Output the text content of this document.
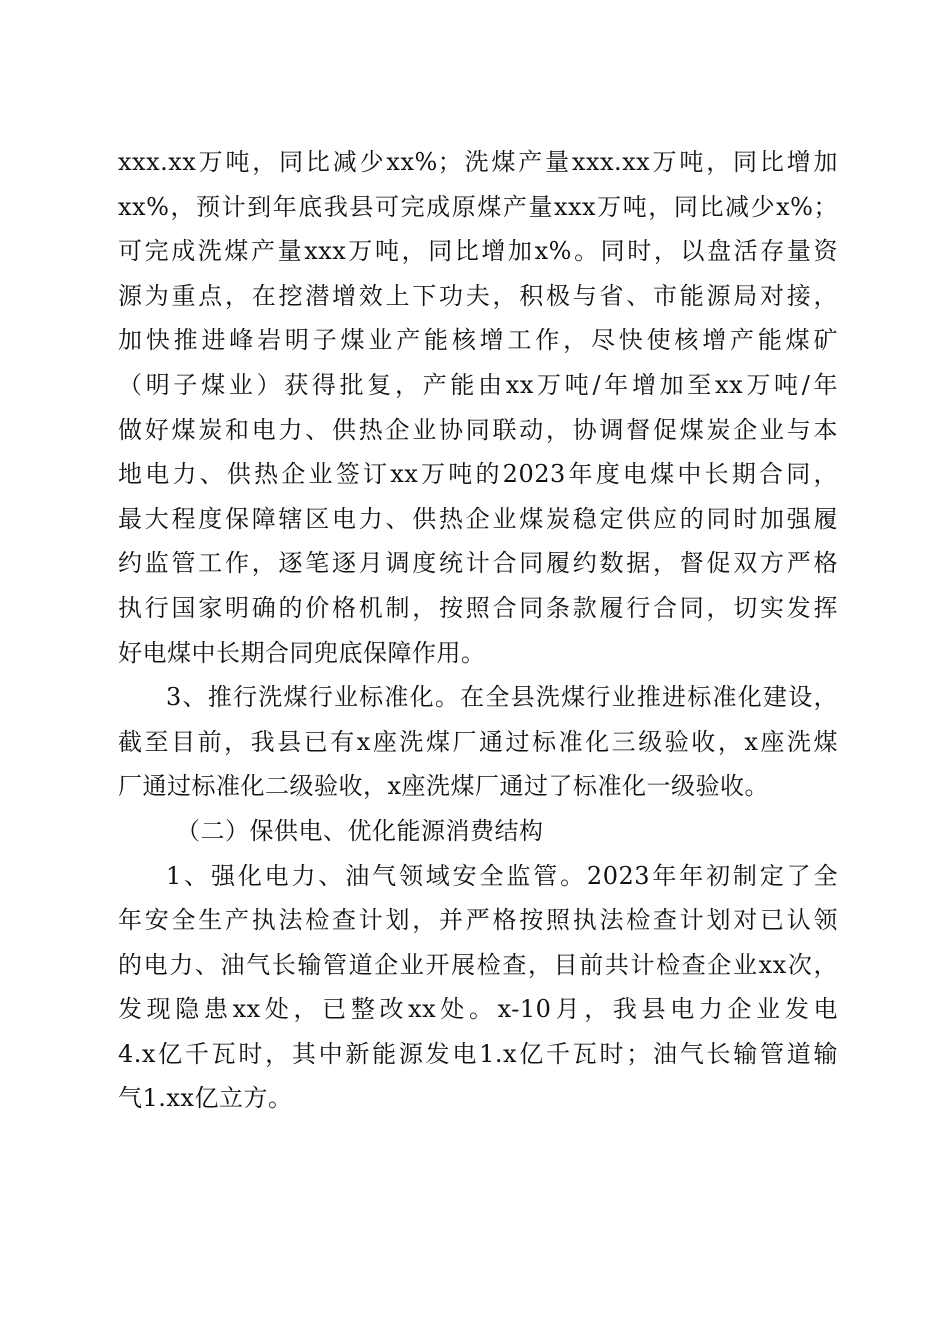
xxx.xx万吨，同比减少xx%；洗煤产量xxx.xx万吨，同比增加
xx%，预计到年底我县可完成原煤产量xxx万吨，同比减少x%；
可完成洗煤产量xxx万吨，同比增加x%。同时，以盘活存量资
源为重点，在挖潜增效上下功夫，积极与省、市能源局对接，
加快推进峰岩明子煤业产能核增工作，尽快使核增产能煤矿
（明子煤业）获得批复，产能由xx万吨/年增加至xx万吨/年
做好煤炭和电力、供热企业协同联动，协调督促煤炭企业与本
地电力、供热企业签订xx万吨的2023年度电煤中长期合同，
最大程度保障辖区电力、供热企业煤炭稳定供应的同时加强履
约监管工作，逐笔逐月调度统计合同履约数据，督促双方严格
执行国家明确的价格机制，按照合同条款履行合同，切实发挥
好电煤中长期合同兜底保障作用。
3、推行洗煤行业标准化。在全县洗煤行业推进标准化建设，
截至目前，我县已有x座洗煤厂通过标准化三级验收，x座洗煤
厂通过标准化二级验收，x座洗煤厂通过了标准化一级验收。
（二）保供电、优化能源消费结构
1、强化电力、油气领域安全监管。2023年年初制定了全
年安全生产执法检查计划，并严格按照执法检查计划对已认领
的电力、油气长输管道企业开展检查，目前共计检查企业xx次，
发现隐患xx处，已整改xx处。x-10月，我县电力企业发电
4.x亿千瓦时，其中新能源发电1.x亿千瓦时；油气长输管道输
气1.xx亿立方。
